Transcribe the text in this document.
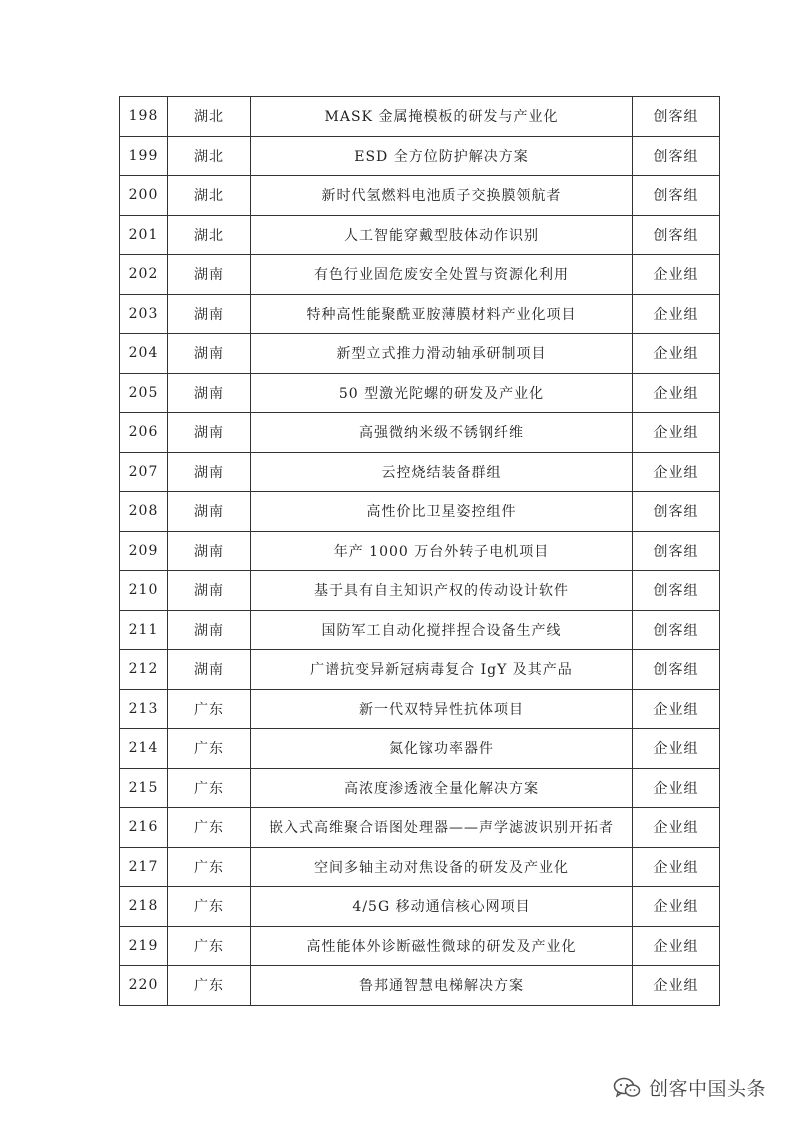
198	湖北	MASK 金属掩模板的研发与产业化	创客组
199	湖北	ESD 全方位防护解决方案	创客组
200	湖北	新时代氢燃料电池质子交换膜领航者	创客组
201	湖北	人工智能穿戴型肢体动作识别	创客组
202	湖南	有色行业固危废安全处置与资源化利用	企业组
203	湖南	特种高性能聚酰亚胺薄膜材料产业化项目	企业组
204	湖南	新型立式推力滑动轴承研制项目	企业组
205	湖南	50 型激光陀螺的研发及产业化	企业组
206	湖南	高强微纳米级不锈钢纤维	企业组
207	湖南	云控烧结装备群组	企业组
208	湖南	高性价比卫星姿控组件	创客组
209	湖南	年产 1000 万台外转子电机项目	创客组
210	湖南	基于具有自主知识产权的传动设计软件	创客组
211	湖南	国防军工自动化搅拌捏合设备生产线	创客组
212	湖南	广谱抗变异新冠病毒复合 IgY 及其产品	创客组
213	广东	新一代双特异性抗体项目	企业组
214	广东	氮化镓功率器件	企业组
215	广东	高浓度渗透液全量化解决方案	企业组
216	广东	嵌入式高维聚合语图处理器——声学滤波识别开拓者	企业组
217	广东	空间多轴主动对焦设备的研发及产业化	企业组
218	广东	4/5G 移动通信核心网项目	企业组
219	广东	高性能体外诊断磁性微球的研发及产业化	企业组
220	广东	鲁邦通智慧电梯解决方案	企业组
创客中国头条
